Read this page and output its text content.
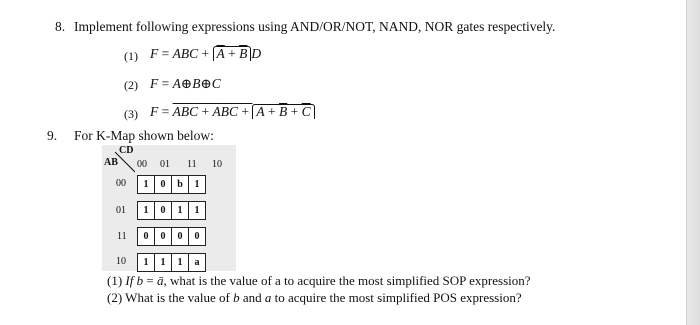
8. Implement following expressions using AND/OR/NOT, NAND, NOR gates respectively.
(1) F = ABC + $\overline{A} + \overline{B}$ D
(2) F = A⊕B⊕C
(3) F = ABC + ABC + A + B + C
9. For K-Map shown below:
CD
AB 00 01 11 10
00
01
11
10
1	0	b	1

1	0	1	1

0	0	0	0

1	1	1	a
(1) If b = ā, what is the value of a to acquire the most simplified SOP expression?
(2) What is the value of b and a to acquire the most simplified POS expression?
